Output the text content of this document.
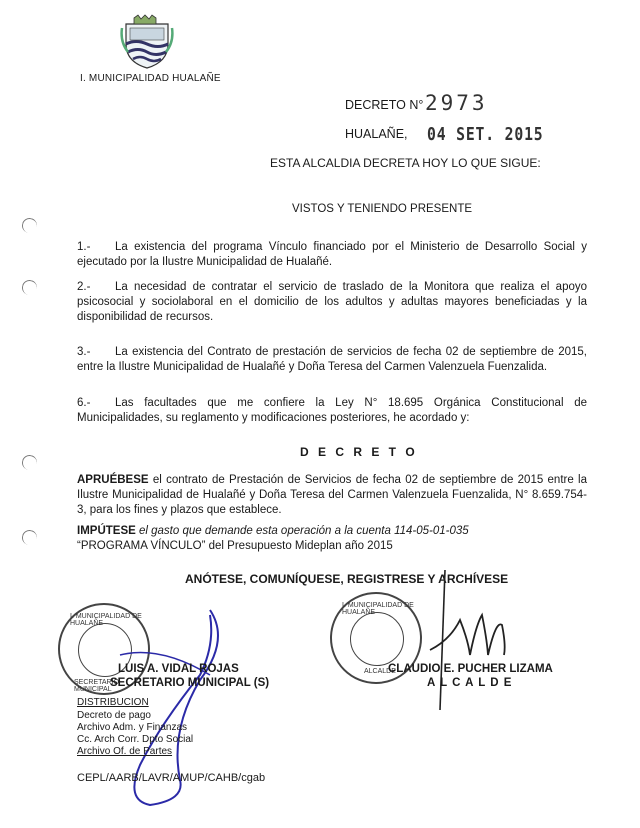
I. MUNICIPALIDAD HUALAÑE
DECRETO N° 2973
HUALAÑE, 04 SET. 2015
ESTA ALCALDIA DECRETA HOY LO QUE SIGUE:
VISTOS Y TENIENDO PRESENTE
1.- La existencia del programa Vínculo financiado por el Ministerio de Desarrollo Social y ejecutado por la Ilustre Municipalidad de Hualañé.
2.- La necesidad de contratar el servicio de traslado de la Monitora que realiza el apoyo psicosocial y sociolaboral en el domicilio de los adultos y adultas mayores beneficiadas y la disponibilidad de recursos.
3.- La existencia del Contrato de prestación de servicios de fecha 02 de septiembre de 2015, entre la Ilustre Municipalidad de Hualañé y Doña Teresa del Carmen Valenzuela Fuenzalida.
6.- Las facultades que me confiere la Ley N° 18.695 Orgánica Constitucional de Municipalidades, su reglamento y modificaciones posteriores, he acordado y:
D E C R E T O
APRUÉBESE el contrato de Prestación de Servicios de fecha 02 de septiembre de 2015 entre la Ilustre Municipalidad de Hualañé y Doña Teresa del Carmen Valenzuela Fuenzalida, N° 8.659.754-3, para los fines y plazos que establece.
IMPÚTESE el gasto que demande esta operación a la cuenta 114-05-01-035
“PROGRAMA VÍNCULO” del Presupuesto Mideplan año 2015
ANÓTESE, COMUNÍQUESE, REGISTRESE Y ARCHÍVESE
I. MUNICIPALIDAD DE HUALAÑE
SECRETARIO MUNICIPAL
I. MUNICIPALIDAD DE HUALAÑE
ALCALDE
LUIS A. VIDAL ROJAS
SECRETARIO MUNICIPAL (S)
CLAUDIO E. PUCHER LIZAMA
A L C A L D E
DISTRIBUCION
Decreto de pago
Archivo Adm. y Finanzas
Cc. Arch Corr. Dpto Social
Archivo Of. de Partes
CEPL/AARB/LAVR/AMUP/CAHB/cgab
